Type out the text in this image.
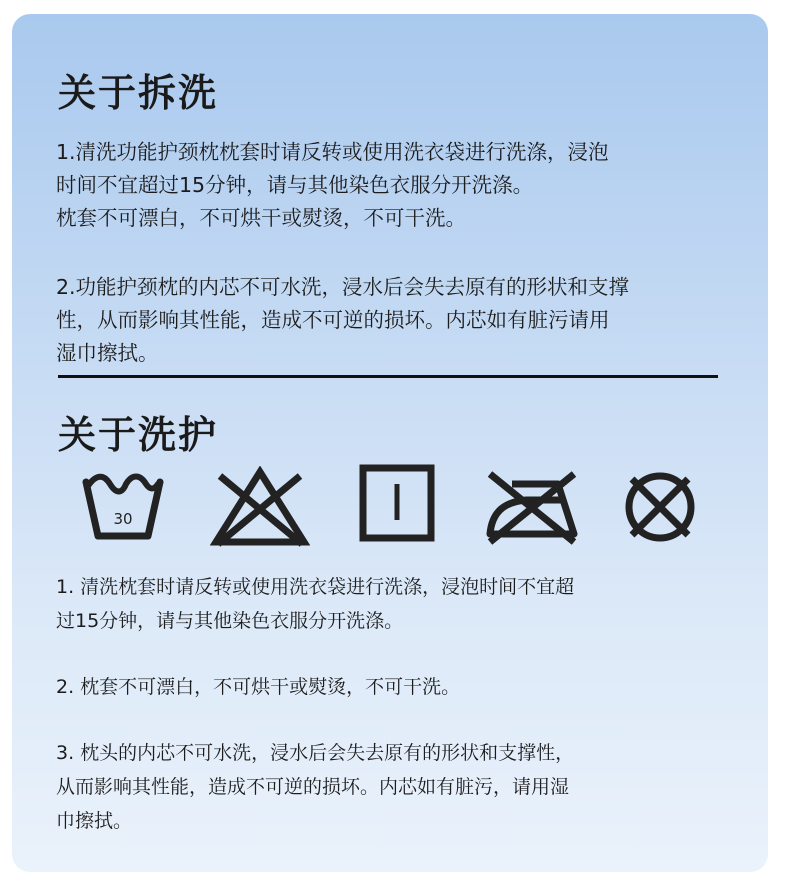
关于拆洗

1.清洗功能护颈枕枕套时请反转或使用洗衣袋进行洗涤，浸泡

时间不宜超过15分钟，请与其他染色衣服分开洗涤。

枕套不可漂白，不可烘干或熨烫，不可干洗。

2.功能护颈枕的内芯不可水洗，浸水后会失去原有的形状和支撑

性，从而影响其性能，造成不可逆的损坏。内芯如有脏污请用

湿巾擦拭。

关于洗护
30

1. 清洗枕套时请反转或使用洗衣袋进行洗涤，浸泡时间不宜超

过15分钟，请与其他染色衣服分开洗涤。

2. 枕套不可漂白，不可烘干或熨烫，不可干洗。

3. 枕头的内芯不可水洗，浸水后会失去原有的形状和支撑性，

从而影响其性能，造成不可逆的损坏。内芯如有脏污，请用湿

巾擦拭。
